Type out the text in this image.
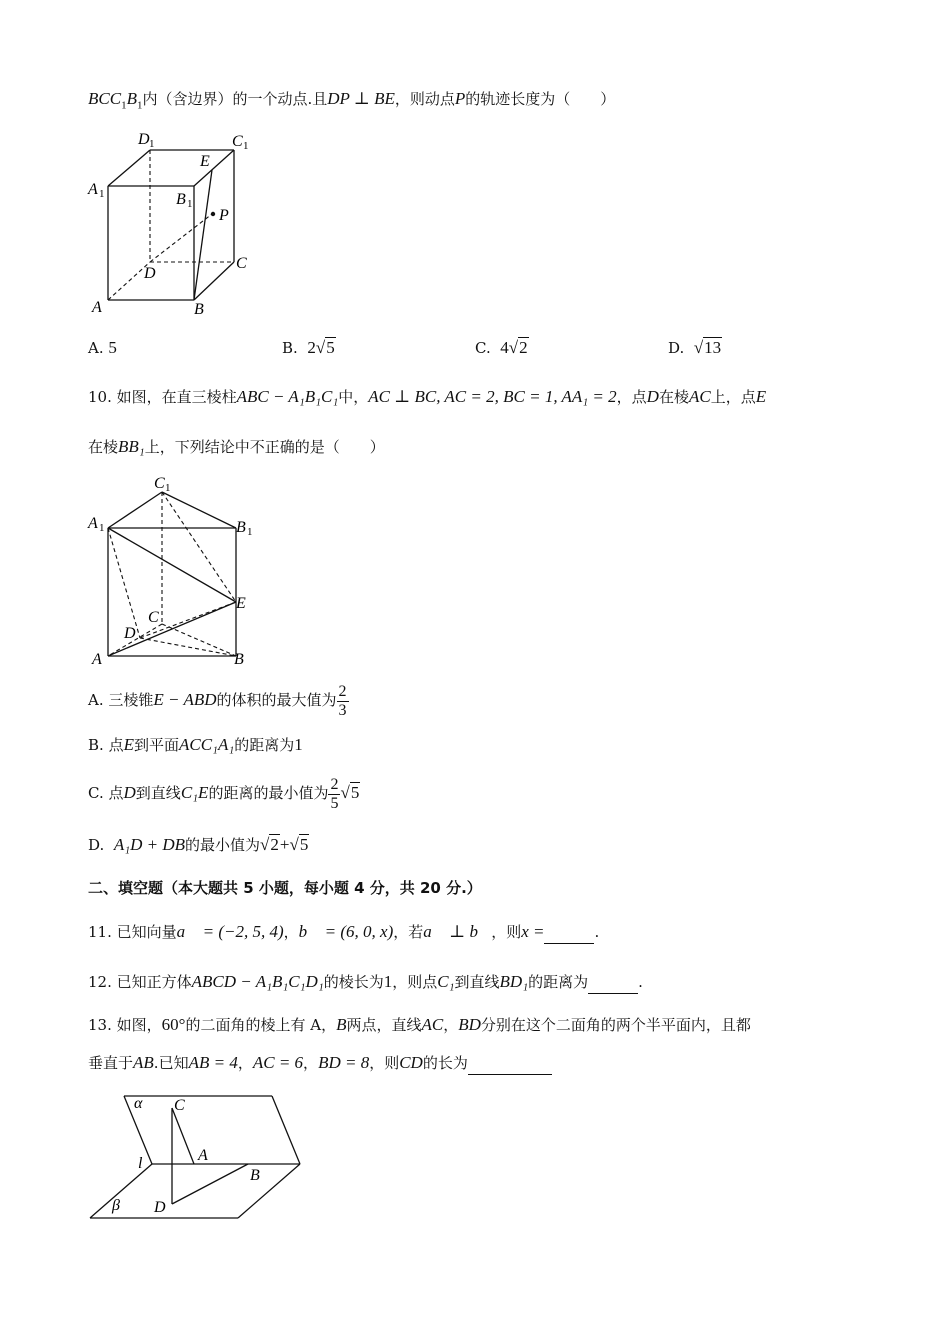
$BCC_1B_1$内（含边界）的一个动点.且DP ⊥ BE，则动点P的轨迹长度为（　　）
D 1	C 1
E
A 1	B 1
P
D
C
A	B
A. 5	B. 2√5	C. 4√2	D. √13
10. 如图，在直三棱柱ABC − A₁B₁C₁中，AC ⊥ BC, AC = 2, BC = 1, AA₁ = 2，点D在棱AC上，点E
在棱BB₁上，下列结论中不正确的是（　　）
C 1
A 1	B 1
E
C
D
A	B
A. 三棱锥E − ABD的体积的最大值为 $\frac{2}{3}$
B. 点E到平面ACC₁A₁的距离为1
C. 点D到直线C₁E的距离的最小值为 $\frac{2}{5} √5$
D. A₁D + DB的最小值为√2+√5
二、填空题（本大题共 5 小题，每小题 4 分，共 20 分.）
11. 已知向量a⃗ = (−2, 5, 4)，b⃗ = (6, 0, x)，若a⃗ ⊥ b⃗，则x =	.
12. 已知正方体ABCD − A₁B₁C₁D₁的棱长为1，则点C₁到直线BD₁的距离为	.
13. 如图，60°的二面角的棱上有 A，B两点，直线AC，BD分别在这个二面角的两个半平面内，且都
垂直于AB.已知AB = 4，AC = 6，BD = 8，则CD的长为
α C
A
l
B
β D
